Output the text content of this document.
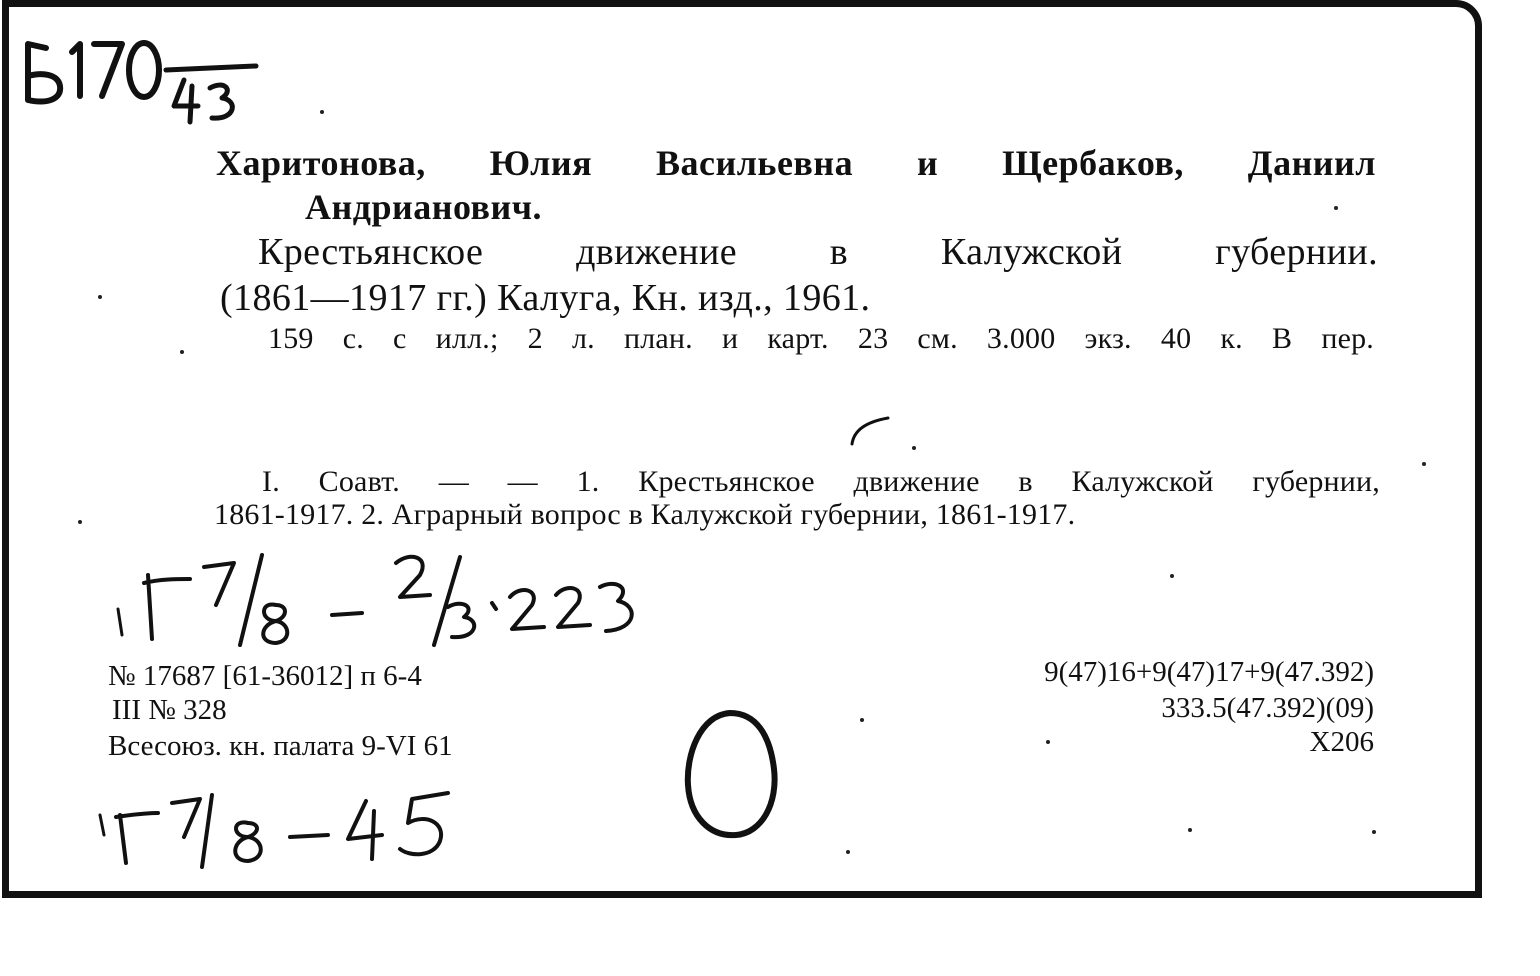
Харитонова, Юлия Васильевна и Щербаков, Даниил
Андрианович.
Крестьянское движение в Калужской губернии.
(1861—1917 гг.) Калуга, Кн. изд., 1961.
159 с. с илл.; 2 л. план. и карт. 23 см. 3.000 экз. 40 к. В пер.
I. Соавт. — — 1. Крестьянское движение в Калужской губернии,
1861-1917. 2. Аграрный вопрос в Калужской губернии, 1861-1917.
№ 17687 [61-36012] п 6-4
III № 328
Всесоюз. кн. палата 9-VI 61
9(47)16+9(47)17+9(47.392)
333.5(47.392)(09)
Х206
